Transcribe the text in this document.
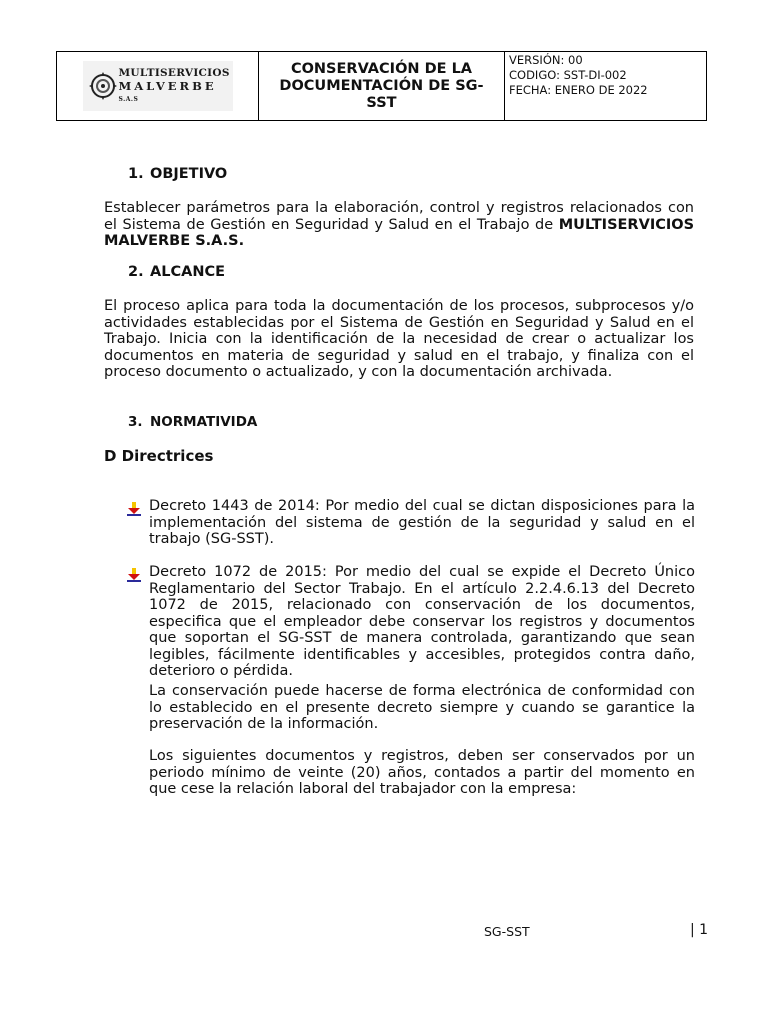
MULTISERVICIOS
MALVERBE S.A.S
CONSERVACIÓN DE LA DOCUMENTACIÓN DE SG-SST
VERSIÓN: 00
CODIGO: SST-DI-002
FECHA: ENERO DE 2022
1. OBJETIVO
Establecer parámetros para la elaboración, control y registros relacionados con el Sistema de Gestión en Seguridad y Salud en el Trabajo de MULTISERVICIOS MALVERBE S.A.S.
2. ALCANCE
El proceso aplica para toda la documentación de los procesos, subprocesos y/o actividades establecidas por el Sistema de Gestión en Seguridad y Salud en el Trabajo. Inicia con la identificación de la necesidad de crear o actualizar los documentos en materia de seguridad y salud en el trabajo, y finaliza con el proceso documento o actualizado, y con la documentación archivada.
3. NORMATIVIDA
D Directrices
Decreto 1443 de 2014: Por medio del cual se dictan disposiciones para la implementación del sistema de gestión de la seguridad y salud en el trabajo (SG-SST).
Decreto 1072 de 2015: Por medio del cual se expide el Decreto Único Reglamentario del Sector Trabajo. En el artículo 2.2.4.6.13 del Decreto 1072 de 2015, relacionado con conservación de los documentos, especifica que el empleador debe conservar los registros y documentos que soportan el SG-SST de manera controlada, garantizando que sean legibles, fácilmente identificables y accesibles, protegidos contra daño, deterioro o pérdida.
La conservación puede hacerse de forma electrónica de conformidad con lo establecido en el presente decreto siempre y cuando se garantice la preservación de la información.
Los siguientes documentos y registros, deben ser conservados por un periodo mínimo de veinte (20) años, contados a partir del momento en que cese la relación laboral del trabajador con la empresa:
SG-SST	| 1
